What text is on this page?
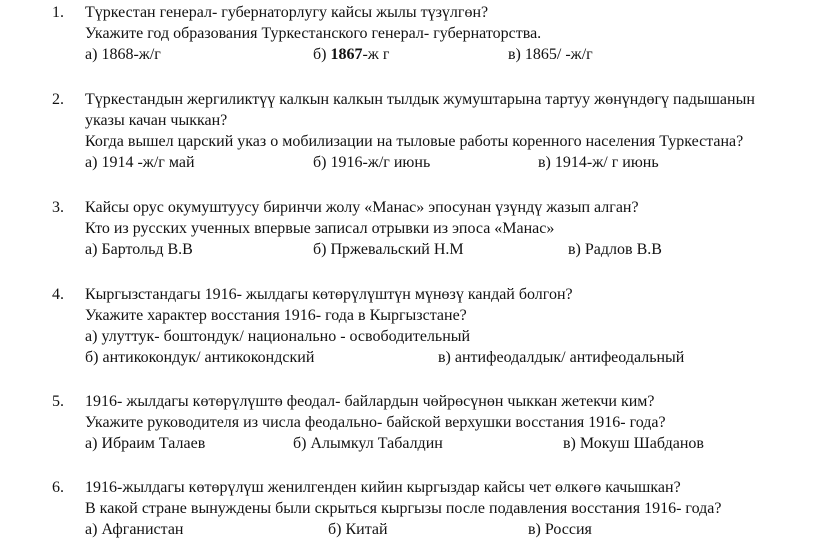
1. Түркестан генерал- губернаторлугу кайсы жылы түзүлгөн?
Укажите год образования Туркестанского генерал- губернаторства.
а) 1868-ж/г	б) 1867-ж г	в) 1865/ -ж/г
2. Түркестандын жергиликтүү калкын калкын тылдык жумуштарына тартуу жөнүндөгү падышанын
указы качан чыккан?
Когда вышел царский указ о мобилизации на тыловые работы коренного населения Туркестана?
а) 1914 -ж/г май	б) 1916-ж/г июнь	в) 1914-ж/ г июнь
3. Кайсы орус окумуштуусу биринчи жолу «Манас» эпосунан үзүндү жазып алган?
Кто из русских ученных впервые записал отрывки из эпоса «Манас»
а) Бартольд В.В	б) Пржевальский Н.М	в) Радлов В.В
4. Кыргызстандагы 1916- жылдагы көтөрүлүштүн мүнөзү кандай болгон?
Укажите характер восстания 1916- года в Кыргызстане?
а) улуттук- боштондук/ национально - освободительный
б) антикокондук/ антикокондский	в) антифеодалдык/ антифеодальный
5. 1916- жылдагы көтөрүлүштө феодал- байлардын чөйрөсүнөн чыккан жетекчи ким?
Укажите руководителя из числа феодально- байской верхушки восстания 1916- года?
а) Ибраим Талаев	б) Алымкул Табалдин	в) Мокуш Шабданов
6. 1916-жылдагы көтөрүлүш женилгенден кийин кыргыздар кайсы чет өлкөгө качышкан?
В какой стране вынуждены были скрыться кыргызы после подавления восстания 1916- года?
а) Афганистан	б) Китай	в) Россия
